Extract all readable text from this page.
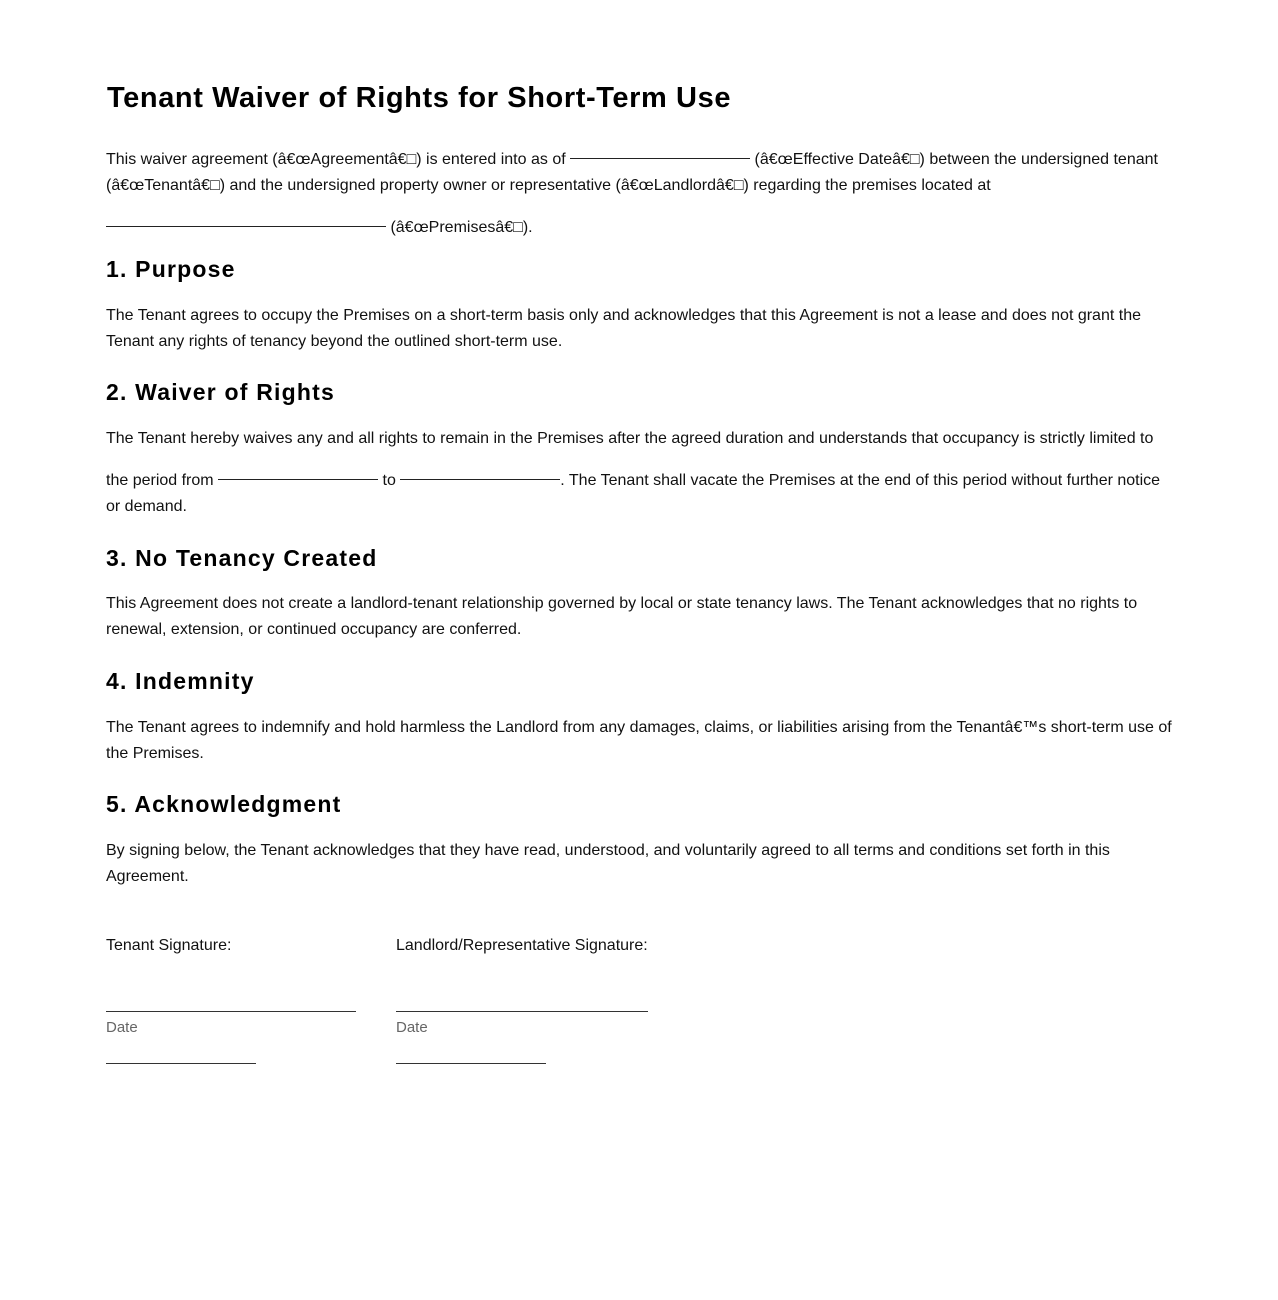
Tenant Waiver of Rights for Short-Term Use

This waiver agreement (â€œAgreementâ€□) is entered into as of	(â€œEffective Dateâ€□) between the undersigned tenant (â€œTenantâ€□) and the undersigned property owner or representative (â€œLandlordâ€□) regarding the premises located at

(â€œPremisesâ€□).

1. Purpose

The Tenant agrees to occupy the Premises on a short-term basis only and acknowledges that this Agreement is not a lease and does not grant the Tenant any rights of tenancy beyond the outlined short-term use.

2. Waiver of Rights

The Tenant hereby waives any and all rights to remain in the Premises after the agreed duration and understands that occupancy is strictly limited to

the period from	to	. The Tenant shall vacate the Premises at the end of this period without further notice or demand.

3. No Tenancy Created

This Agreement does not create a landlord-tenant relationship governed by local or state tenancy laws. The Tenant acknowledges that no rights to renewal, extension, or continued occupancy are conferred.

4. Indemnity

The Tenant agrees to indemnify and hold harmless the Landlord from any damages, claims, or liabilities arising from the Tenantâ€™s short-term use of the Premises.

5. Acknowledgment

By signing below, the Tenant acknowledges that they have read, understood, and voluntarily agreed to all terms and conditions set forth in this Agreement.

Tenant Signature:
Date
Landlord/Representative Signature:
Date
